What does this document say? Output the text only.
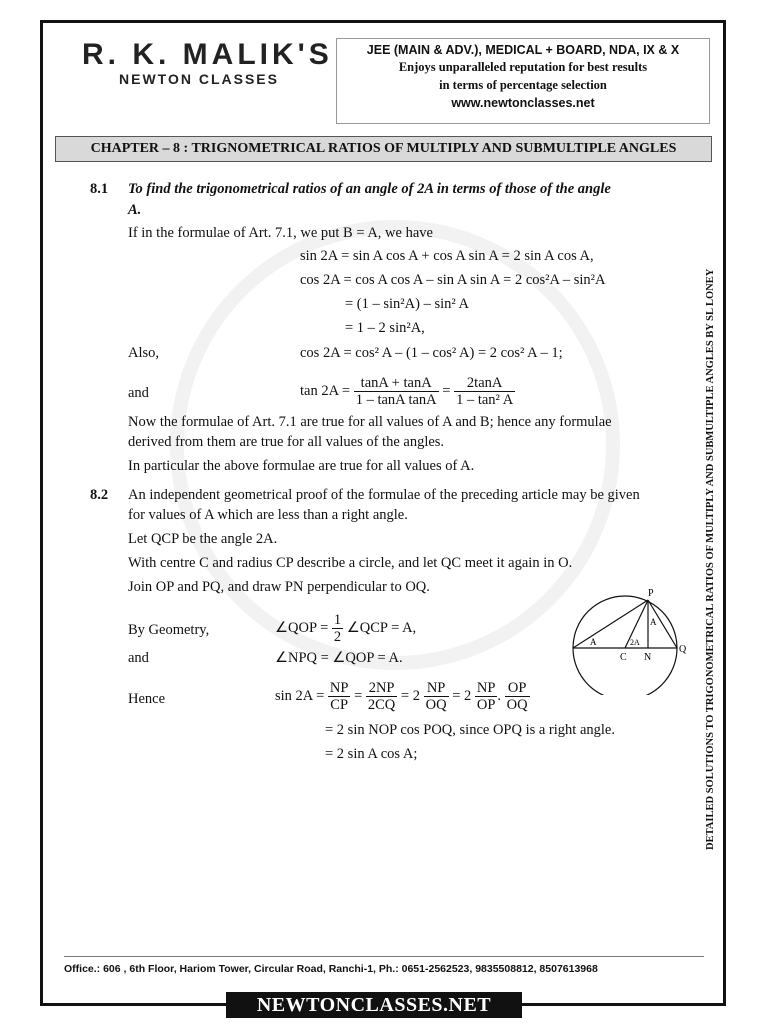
R. K. MALIK'S
NEWTON CLASSES
JEE (MAIN & ADV.), MEDICAL + BOARD, NDA, IX & X
Enjoys unparalleled reputation for best results
in terms of percentage selection
www.newtonclasses.net
CHAPTER – 8 : TRIGNOMETRICAL RATIOS OF MULTIPLY AND SUBMULTIPLE ANGLES
DETAILED SOLUTIONS TO TRIGONOMETRICAL RATIOS OF MULTIPLY AND SUBMULTIPLE ANGLES BY SL LONEY
8.1 To find the trigonometrical ratios of an angle of 2A in terms of those of the angle
A.
If in the formulae of Art. 7.1, we put B = A, we have
sin 2A = sin A cos A + cos A sin A = 2 sin A cos A,
cos 2A = cos A cos A – sin A sin A = 2 cos²A – sin²A
= (1 – sin²A) – sin² A
= 1 – 2 sin²A,
Also,	cos 2A = cos² A – (1 – cos² A) = 2 cos² A – 1;
and	$\tan 2A = \frac{\tan A + \tan A}{\text{1 – tanA tanA}} = \frac{2\tan A}{\text{1 – tan² A}}$
Now the formulae of Art. 7.1 are true for all values of A and B; hence any formulae
derived from them are true for all values of the angles.
In particular the above formulae are true for all values of A.
8.2 An independent geometrical proof of the formulae of the preceding article may be given
for values of A which are less than a right angle.
Let QCP be the angle 2A.
With centre C and radius CP describe a circle, and let QC meet it again in O.
Join OP and PQ, and draw PN perpendicular to OQ.
By Geometry,	∠QOP = $\frac{1}{2}$ ∠QCP = A,
and	∠NPQ = ∠QOP = A.
Hence	$\sin 2A = \frac{NP}{CP} = \frac{2NP}{2CQ} = 2 \frac{NP}{OQ} = 2 \frac{NP}{OP}$ . $\frac{OP}{OQ}$
= 2 sin NOP cos POQ, since OPQ is a right angle.
= 2 sin A cos A;
P
Q
C N
A
A
2A
Office.: 606 , 6th Floor, Hariom Tower, Circular Road, Ranchi-1, Ph.: 0651-2562523, 9835508812, 8507613968
NEWTONCLASSES.NET
